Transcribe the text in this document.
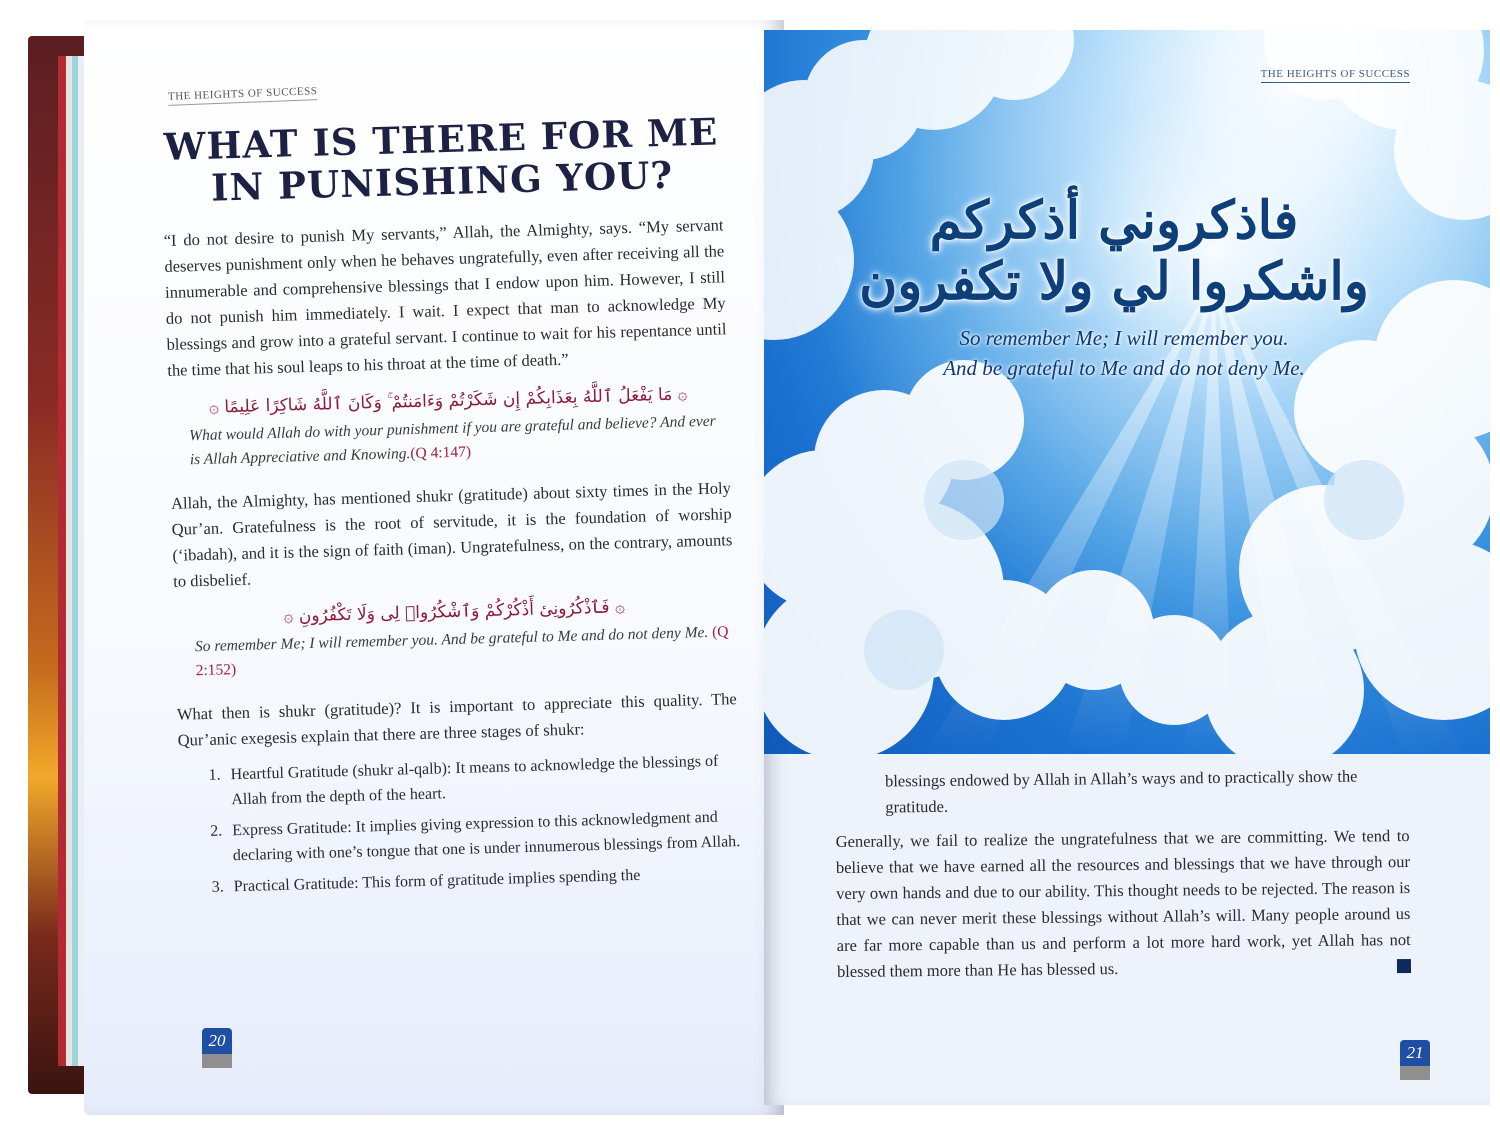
THE HEIGHTS OF SUCCESS
WHAT IS THERE FOR ME
IN PUNISHING YOU?

“I do not desire to punish My servants,” Allah, the Almighty, says. “My servant deserves punishment only when he behaves ungratefully, even after receiving all the innumerable and comprehensive blessings that I endow upon him. However, I still do not punish him immediately. I wait. I expect that man to acknowledge My blessings and grow into a grateful servant. I continue to wait for his repentance until the time that his soul leaps to his throat at the time of death.”

۞ مَا يَفْعَلُ ٱللَّهُ بِعَذَابِكُمْ إِن شَكَرْتُمْ وَءَامَنتُمْ ۚ وَكَانَ ٱللَّهُ شَاكِرًا عَلِيمًا ۞

What would Allah do with your punishment if you are grateful and believe? And ever is Allah Appreciative and Knowing.(Q 4:147)

Allah, the Almighty, has mentioned shukr (gratitude) about sixty times in the Holy Qur’an. Gratefulness is the root of servitude, it is the foundation of worship (‘ibadah), and it is the sign of faith (iman). Ungratefulness, on the contrary, amounts to disbelief.

۞ فَٱذْكُرُونِىٔ أَذْكُرْكُمْ وَٱشْكُرُوا۟ لِى وَلَا تَكْفُرُونِ ۞

So remember Me; I will remember you. And be grateful to Me and do not deny Me. (Q 2:152)

What then is shukr (gratitude)? It is important to appreciate this quality. The Qur’anic exegesis explain that there are three stages of shukr:

1. Heartful Gratitude (shukr al-qalb): It means to acknowledge the blessings of Allah from the depth of the heart.
2. Express Gratitude: It implies giving expression to this acknowledgment and declaring with one’s tongue that one is under innumerous blessings from Allah.
3. Practical Gratitude: This form of gratitude implies spending the
20
THE HEIGHTS OF SUCCESS
فاذكروني أذكركم واشكروا لي ولا تكفرون
So remember Me; I will remember you.
And be grateful to Me and do not deny Me.

blessings endowed by Allah in Allah’s ways and to practically show the gratitude.

Generally, we fail to realize the ungratefulness that we are committing. We tend to believe that we have earned all the resources and blessings that we have through our very own hands and due to our ability. This thought needs to be rejected. The reason is that we can never merit these blessings without Allah’s will. Many people around us are far more capable than us and perform a lot more hard work, yet Allah has not blessed them more than He has blessed us.

21
